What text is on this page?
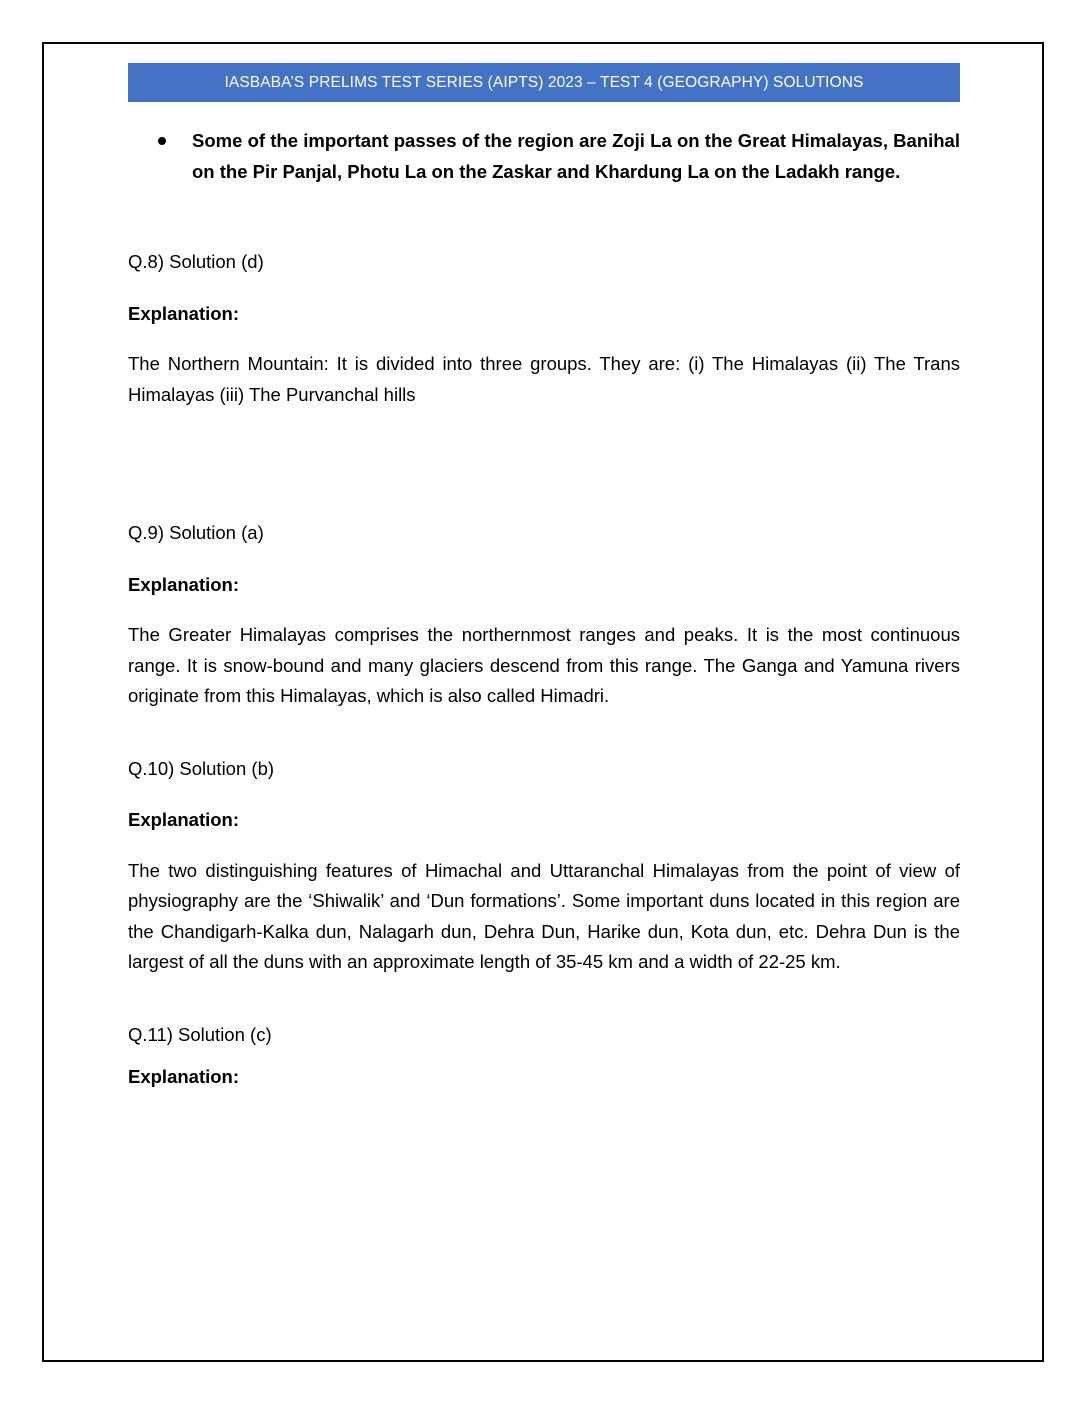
IASBABA’S PRELIMS TEST SERIES (AIPTS) 2023 – TEST 4 (GEOGRAPHY) SOLUTIONS
Some of the important passes of the region are Zoji La on the Great Himalayas, Banihal on the Pir Panjal, Photu La on the Zaskar and Khardung La on the Ladakh range.

Q.8) Solution (d)

Explanation:

The Northern Mountain: It is divided into three groups. They are: (i) The Himalayas (ii) The Trans Himalayas (iii) The Purvanchal hills

Q.9) Solution (a)

Explanation:

The Greater Himalayas comprises the northernmost ranges and peaks. It is the most continuous range. It is snow-bound and many glaciers descend from this range. The Ganga and Yamuna rivers originate from this Himalayas, which is also called Himadri.

Q.10) Solution (b)

Explanation:

The two distinguishing features of Himachal and Uttaranchal Himalayas from the point of view of physiography are the ‘Shiwalik’ and ‘Dun formations’. Some important duns located in this region are the Chandigarh-Kalka dun, Nalagarh dun, Dehra Dun, Harike dun, Kota dun, etc. Dehra Dun is the largest of all the duns with an approximate length of 35-45 km and a width of 22-25 km.

Q.11) Solution (c)

Explanation:
